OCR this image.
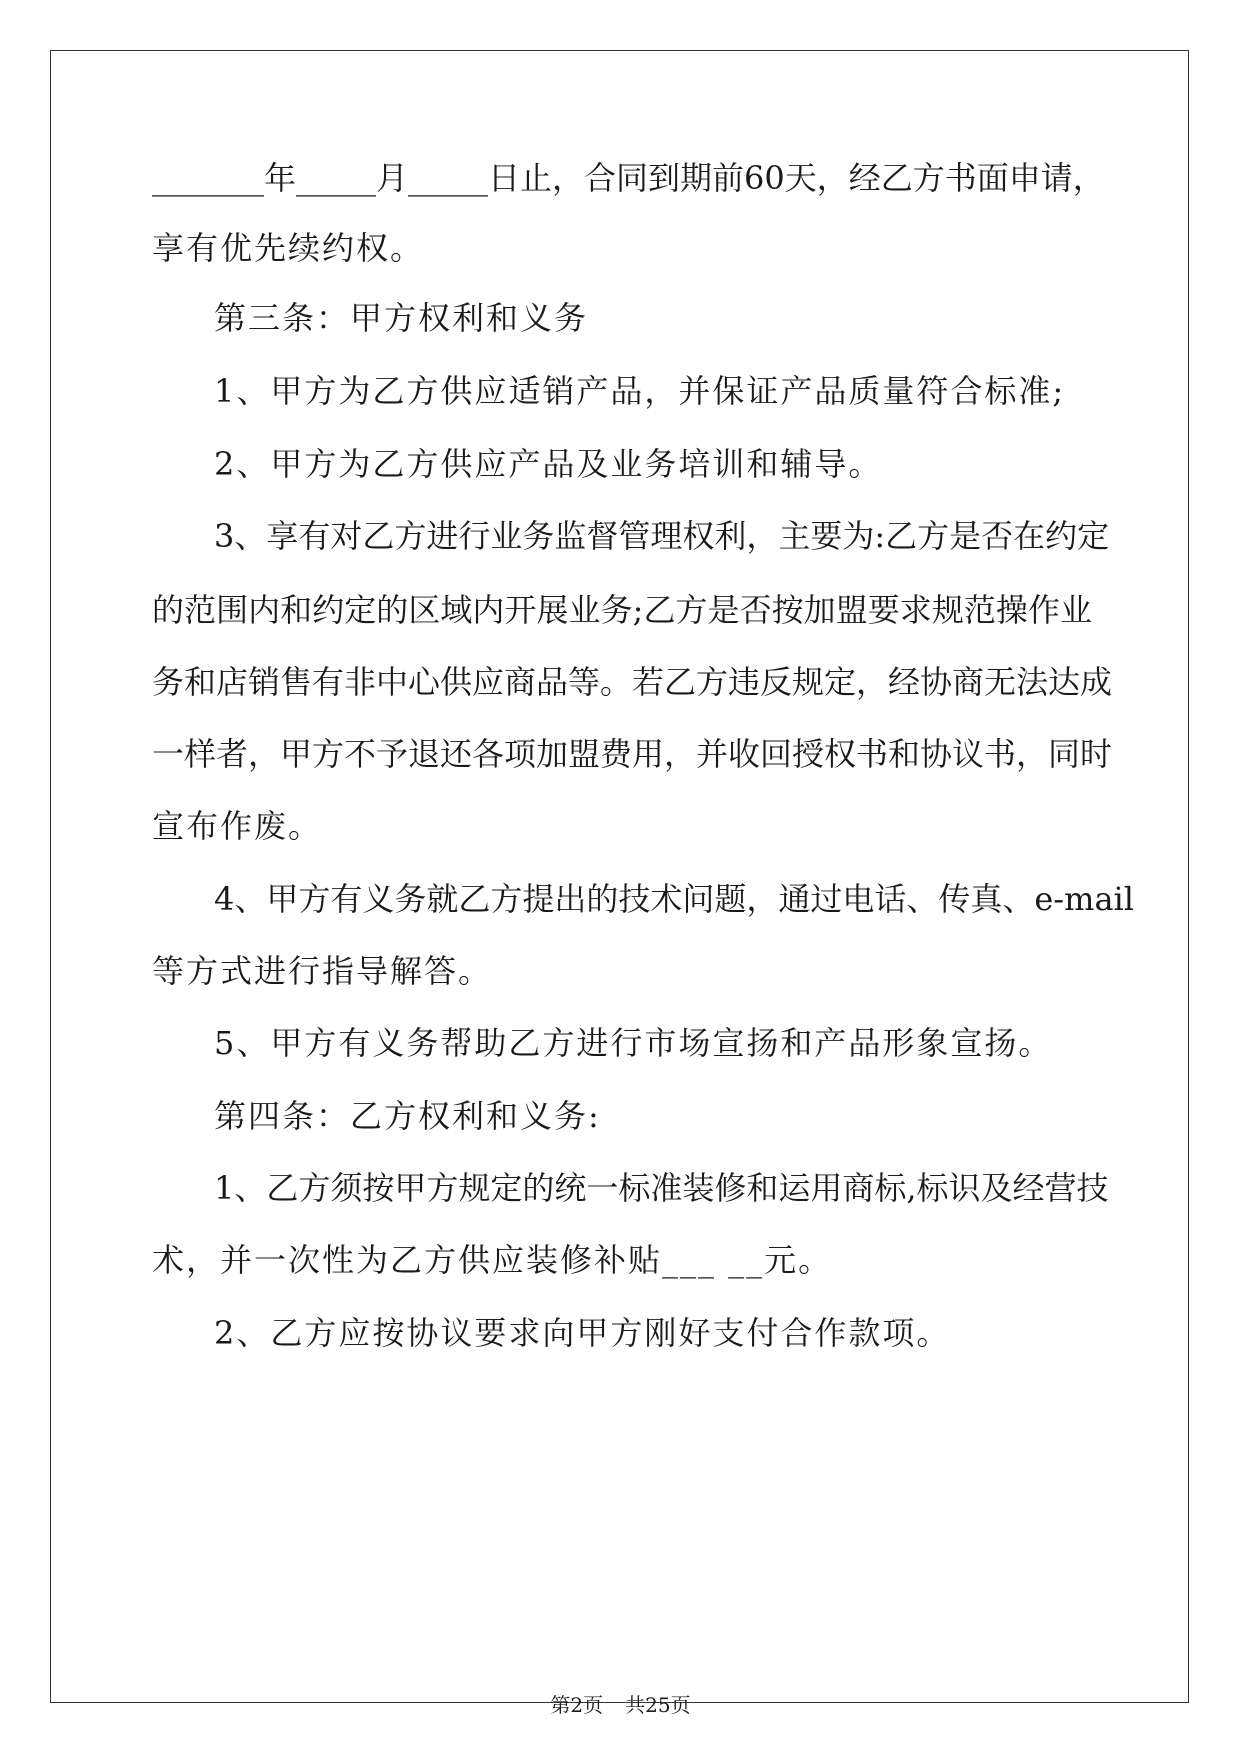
_______年_____月_____日止，合同到期前60天，经乙方书面申请，
享有优先续约权。
第三条：甲方权利和义务
1、甲方为乙方供应适销产品，并保证产品质量符合标准;
2、甲方为乙方供应产品及业务培训和辅导。
3、享有对乙方进行业务监督管理权利，主要为:乙方是否在约定
的范围内和约定的区域内开展业务;乙方是否按加盟要求规范操作业
务和店销售有非中心供应商品等。若乙方违反规定，经协商无法达成
一样者，甲方不予退还各项加盟费用，并收回授权书和协议书，同时
宣布作废。
4、甲方有义务就乙方提出的技术问题，通过电话、传真、e-mail
等方式进行指导解答。
5、甲方有义务帮助乙方进行市场宣扬和产品形象宣扬。
第四条：乙方权利和义务:
1、乙方须按甲方规定的统一标准装修和运用商标,标识及经营技
术，并一次性为乙方供应装修补贴___ __元。
2、乙方应按协议要求向甲方刚好支付合作款项。
第2页 共25页
